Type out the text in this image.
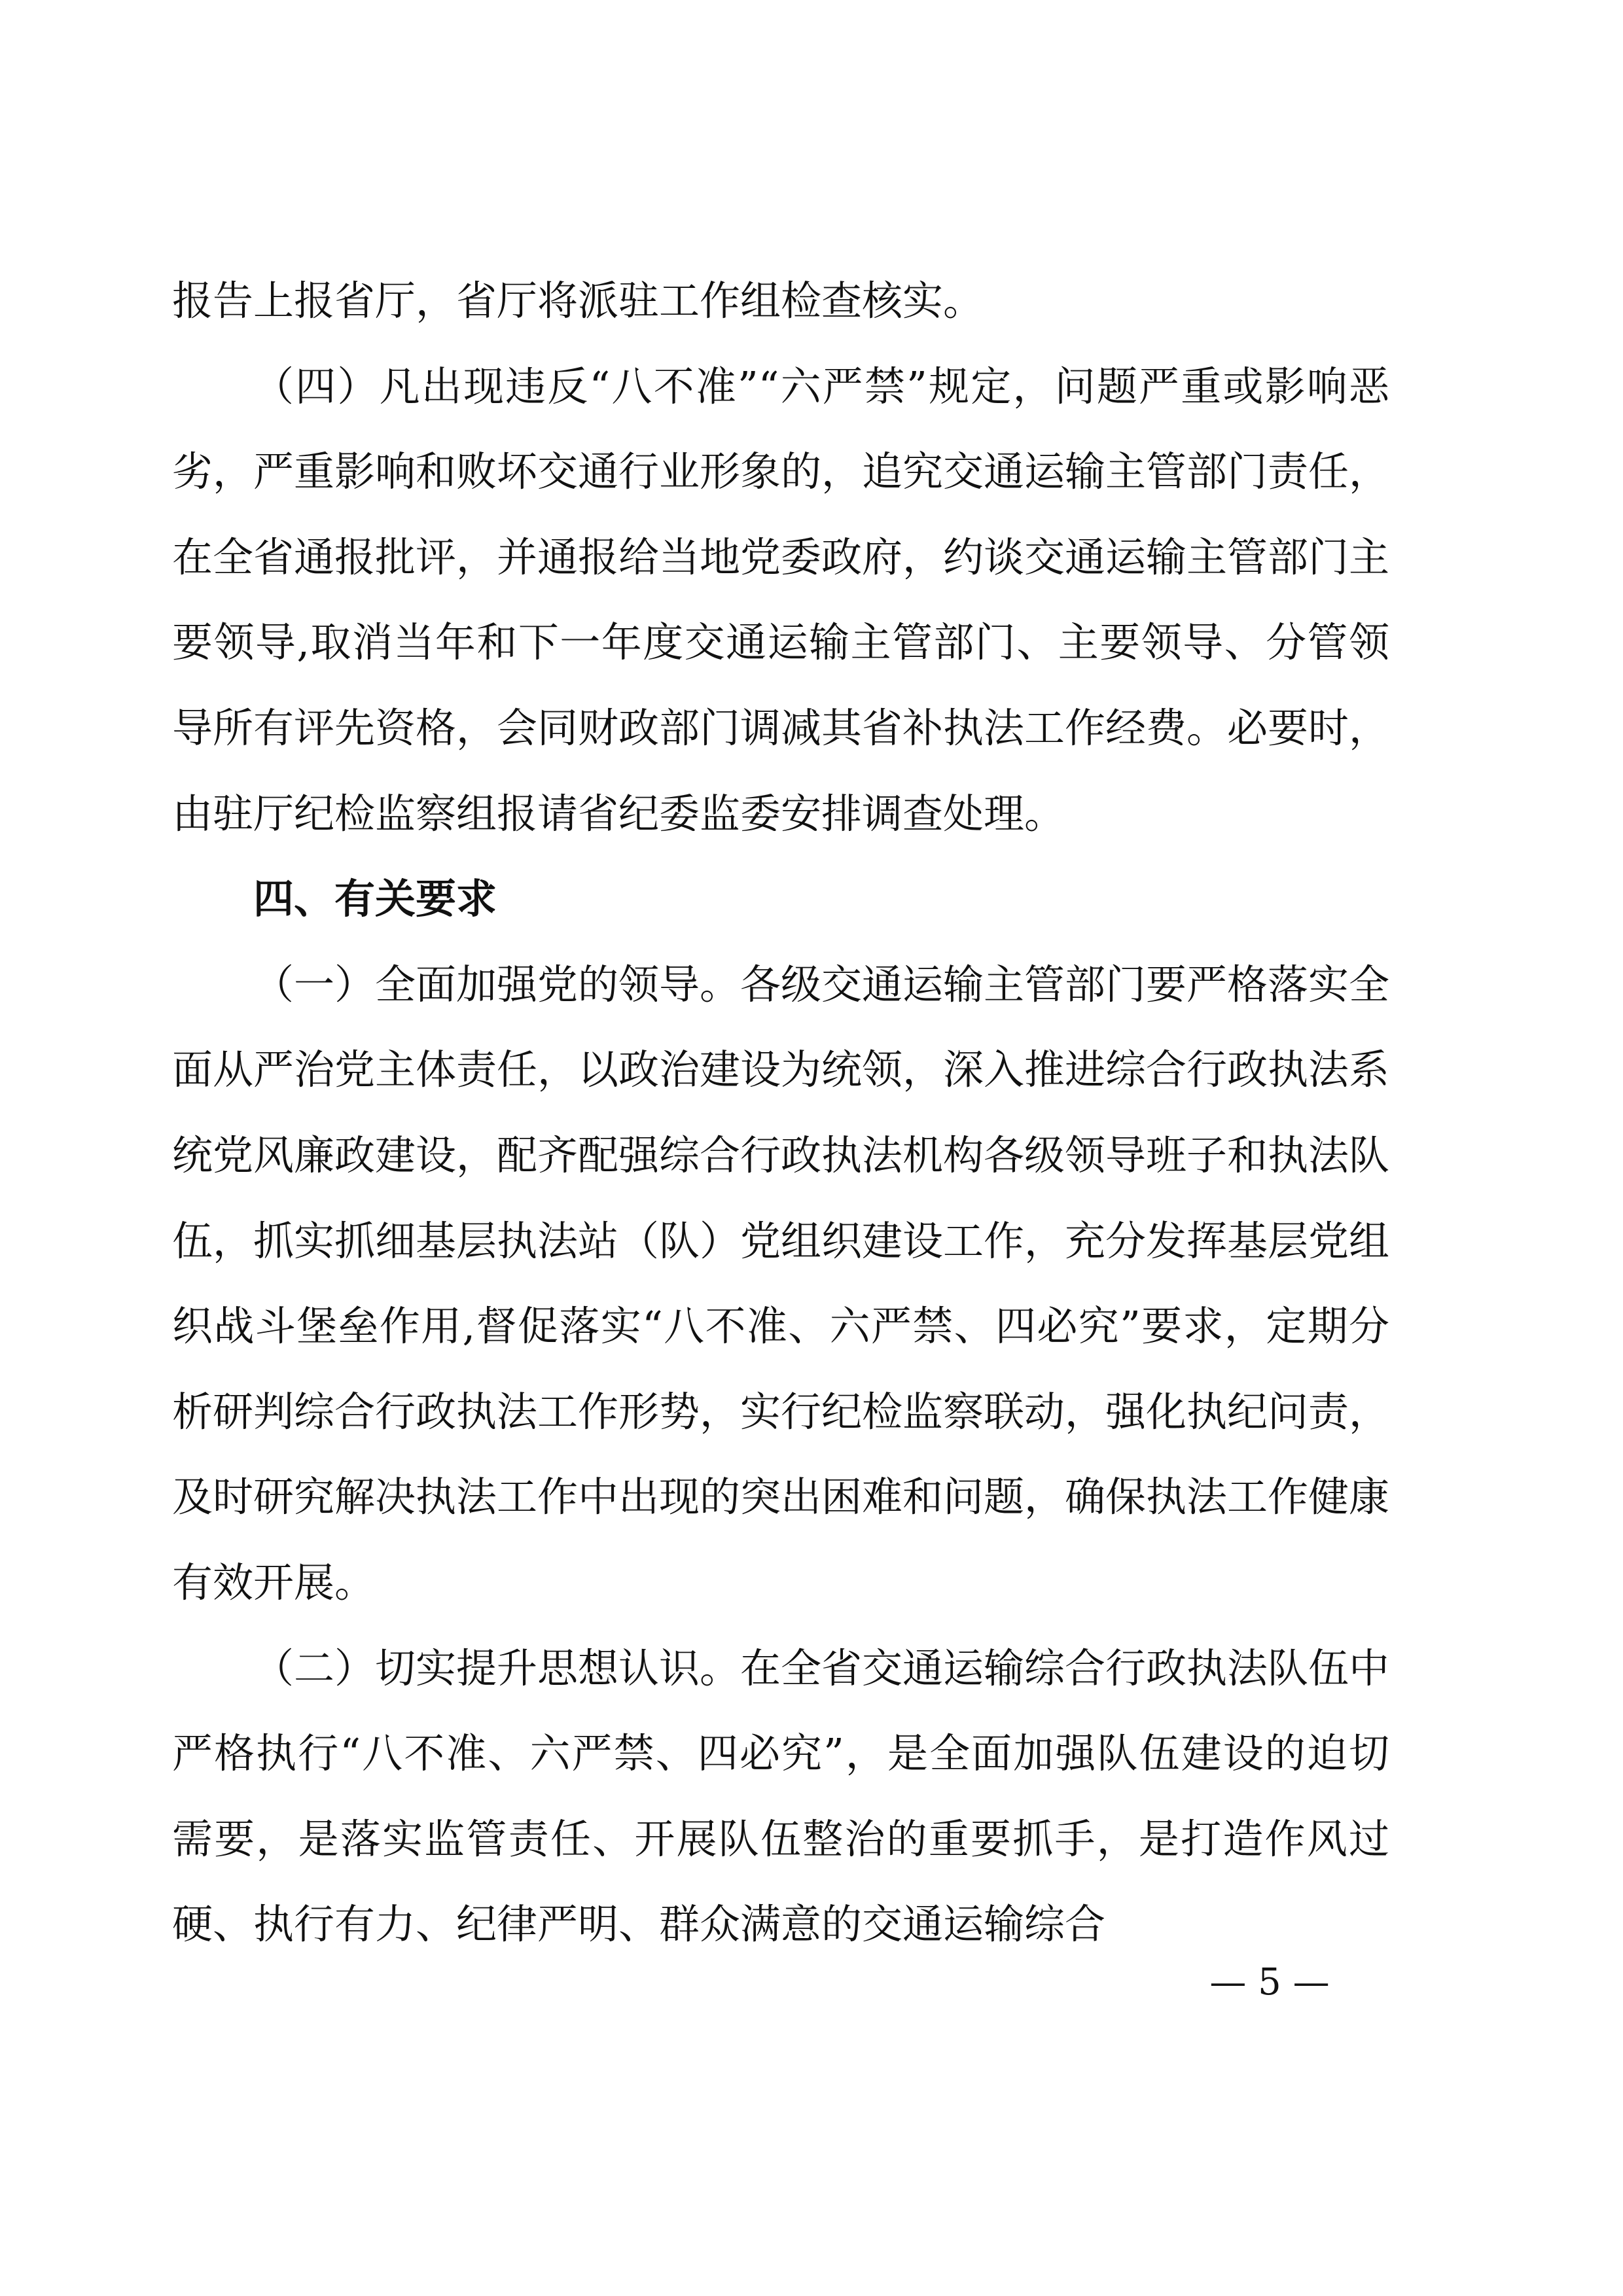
报告上报省厅，省厅将派驻工作组检查核实。

（四）凡出现违反“八不准”“六严禁”规定，问题严重或影响恶劣，严重影响和败坏交通行业形象的，追究交通运输主管部门责任，在全省通报批评，并通报给当地党委政府，约谈交通运输主管部门主要领导,取消当年和下一年度交通运输主管部门、主要领导、分管领导所有评先资格，会同财政部门调减其省补执法工作经费。必要时，由驻厅纪检监察组报请省纪委监委安排调查处理。

四、有关要求

（一）全面加强党的领导。各级交通运输主管部门要严格落实全面从严治党主体责任，以政治建设为统领，深入推进综合行政执法系统党风廉政建设，配齐配强综合行政执法机构各级领导班子和执法队伍，抓实抓细基层执法站（队）党组织建设工作，充分发挥基层党组织战斗堡垒作用,督促落实“八不准、六严禁、四必究”要求，定期分析研判综合行政执法工作形势，实行纪检监察联动，强化执纪问责，及时研究解决执法工作中出现的突出困难和问题，确保执法工作健康有效开展。

（二）切实提升思想认识。在全省交通运输综合行政执法队伍中严格执行“八不准、六严禁、四必究”，是全面加强队伍建设的迫切需要，是落实监管责任、开展队伍整治的重要抓手，是打造作风过硬、执行有力、纪律严明、群众满意的交通运输综合

— 5 —
